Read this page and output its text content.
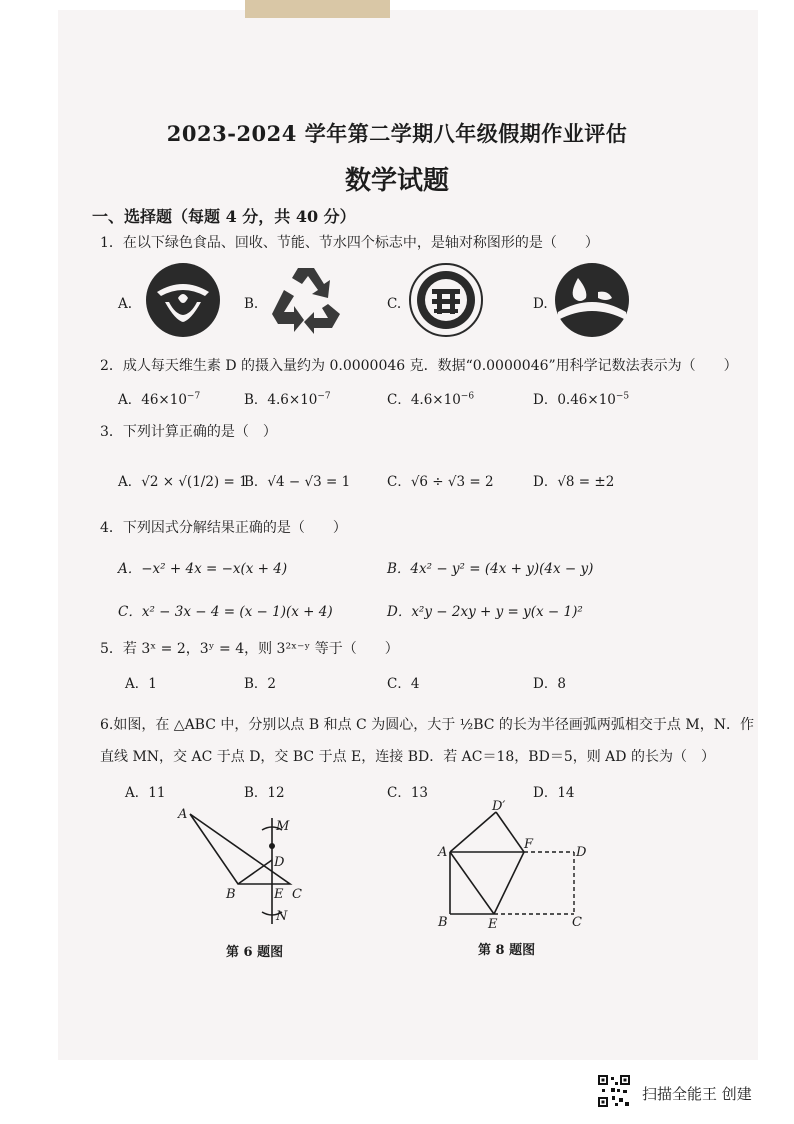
2023-2024 学年第二学期八年级假期作业评估
数学试题
一、选择题（每题 4 分，共 40 分）
1．在以下绿色食品、回收、节能、节水四个标志中，是轴对称图形的是（　　）
A.	B.	C.	D.
2．成人每天维生素 D 的摄入量约为 0.0000046 克．数据“0.0000046”用科学记数法表示为（　　）
A．$46\times 10^{-7}$	B．$4.6\times 10^{-7}$	C．$4.6\times 10^{-6}$	D．$0.46\times 10^{-5}$
3．下列计算正确的是（　）
A．√2 × √(1/2) = 1
B．√4 − √3 = 1	C．√6 ÷ √3 = 2	D．√8 = ±2
4．下列因式分解结果正确的是（　　）
A．−x² + 4x = −x(x + 4)	B．4x² − y² = (4x + y)(4x − y)
C．x² − 3x − 4 = (x − 1)(x + 4)	D．x²y − 2xy + y = y(x − 1)²
5．若 3ˣ = 2，3ʸ = 4，则 3²ˣ⁻ʸ 等于（　　）
A．1	B．2	C．4	D．8
6.如图，在 △ABC 中，分别以点 B 和点 C 为圆心，大于 ½BC 的长为半径画弧两弧相交于点 M，N．作
直线 MN，交 AC 于点 D，交 BC 于点 E，连接 BD．若 AC＝18，BD＝5，则 AD 的长为（　）
A．11	B．12	C．13	D．14
A
B	C
D
E
M
N
第 6 题图
A
B	C
D
E
F
D′
第 8 题图
扫描全能王 创建
